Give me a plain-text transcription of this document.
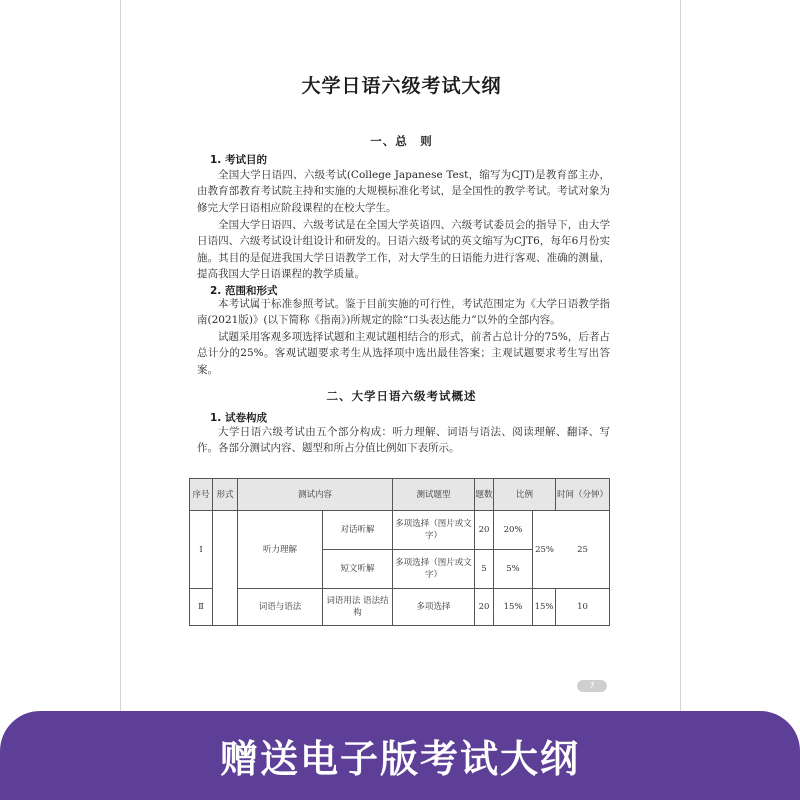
大学日语六级考试大纲
一、总　则
1. 考试目的

全国大学日语四、六级考试(College Japanese Test，缩写为CJT)是教育部主办，由教育部教育考试院主持和实施的大规模标准化考试，是全国性的教学考试。考试对象为修完大学日语相应阶段课程的在校大学生。

全国大学日语四、六级考试是在全国大学英语四、六级考试委员会的指导下，由大学日语四、六级考试设计组设计和研发的。日语六级考试的英文缩写为CJT6，每年6月份实施。其目的是促进我国大学日语教学工作，对大学生的日语能力进行客观、准确的测量，提高我国大学日语课程的教学质量。

2. 范围和形式

本考试属于标准参照考试。鉴于目前实施的可行性，考试范围定为《大学日语教学指南(2021版)》(以下简称《指南》)所规定的除“口头表达能力”以外的全部内容。

试题采用客观多项选择试题和主观试题相结合的形式，前者占总计分的75%，后者占总计分的25%。客观试题要求考生从选择项中选出最佳答案；主观试题要求考生写出答案。

二、大学日语六级考试概述
1. 试卷构成

大学日语六级考试由五个部分构成：听力理解、词语与语法、阅读理解、翻译、写作。各部分测试内容、题型和所占分值比例如下表所示。

序号	形式	测试内容		测试题型	题数	比例		时间（分钟）
Ⅰ		听力理解	对话听解	多项选择（图片或文字）	20	20%	25% 25	

			短文听解	多项选择（图片或文字）	5	5%		
Ⅱ		词语与语法	词语用法 语法结构	多项选择	20	15%	15%	10
7
赠送电子版考试大纲
